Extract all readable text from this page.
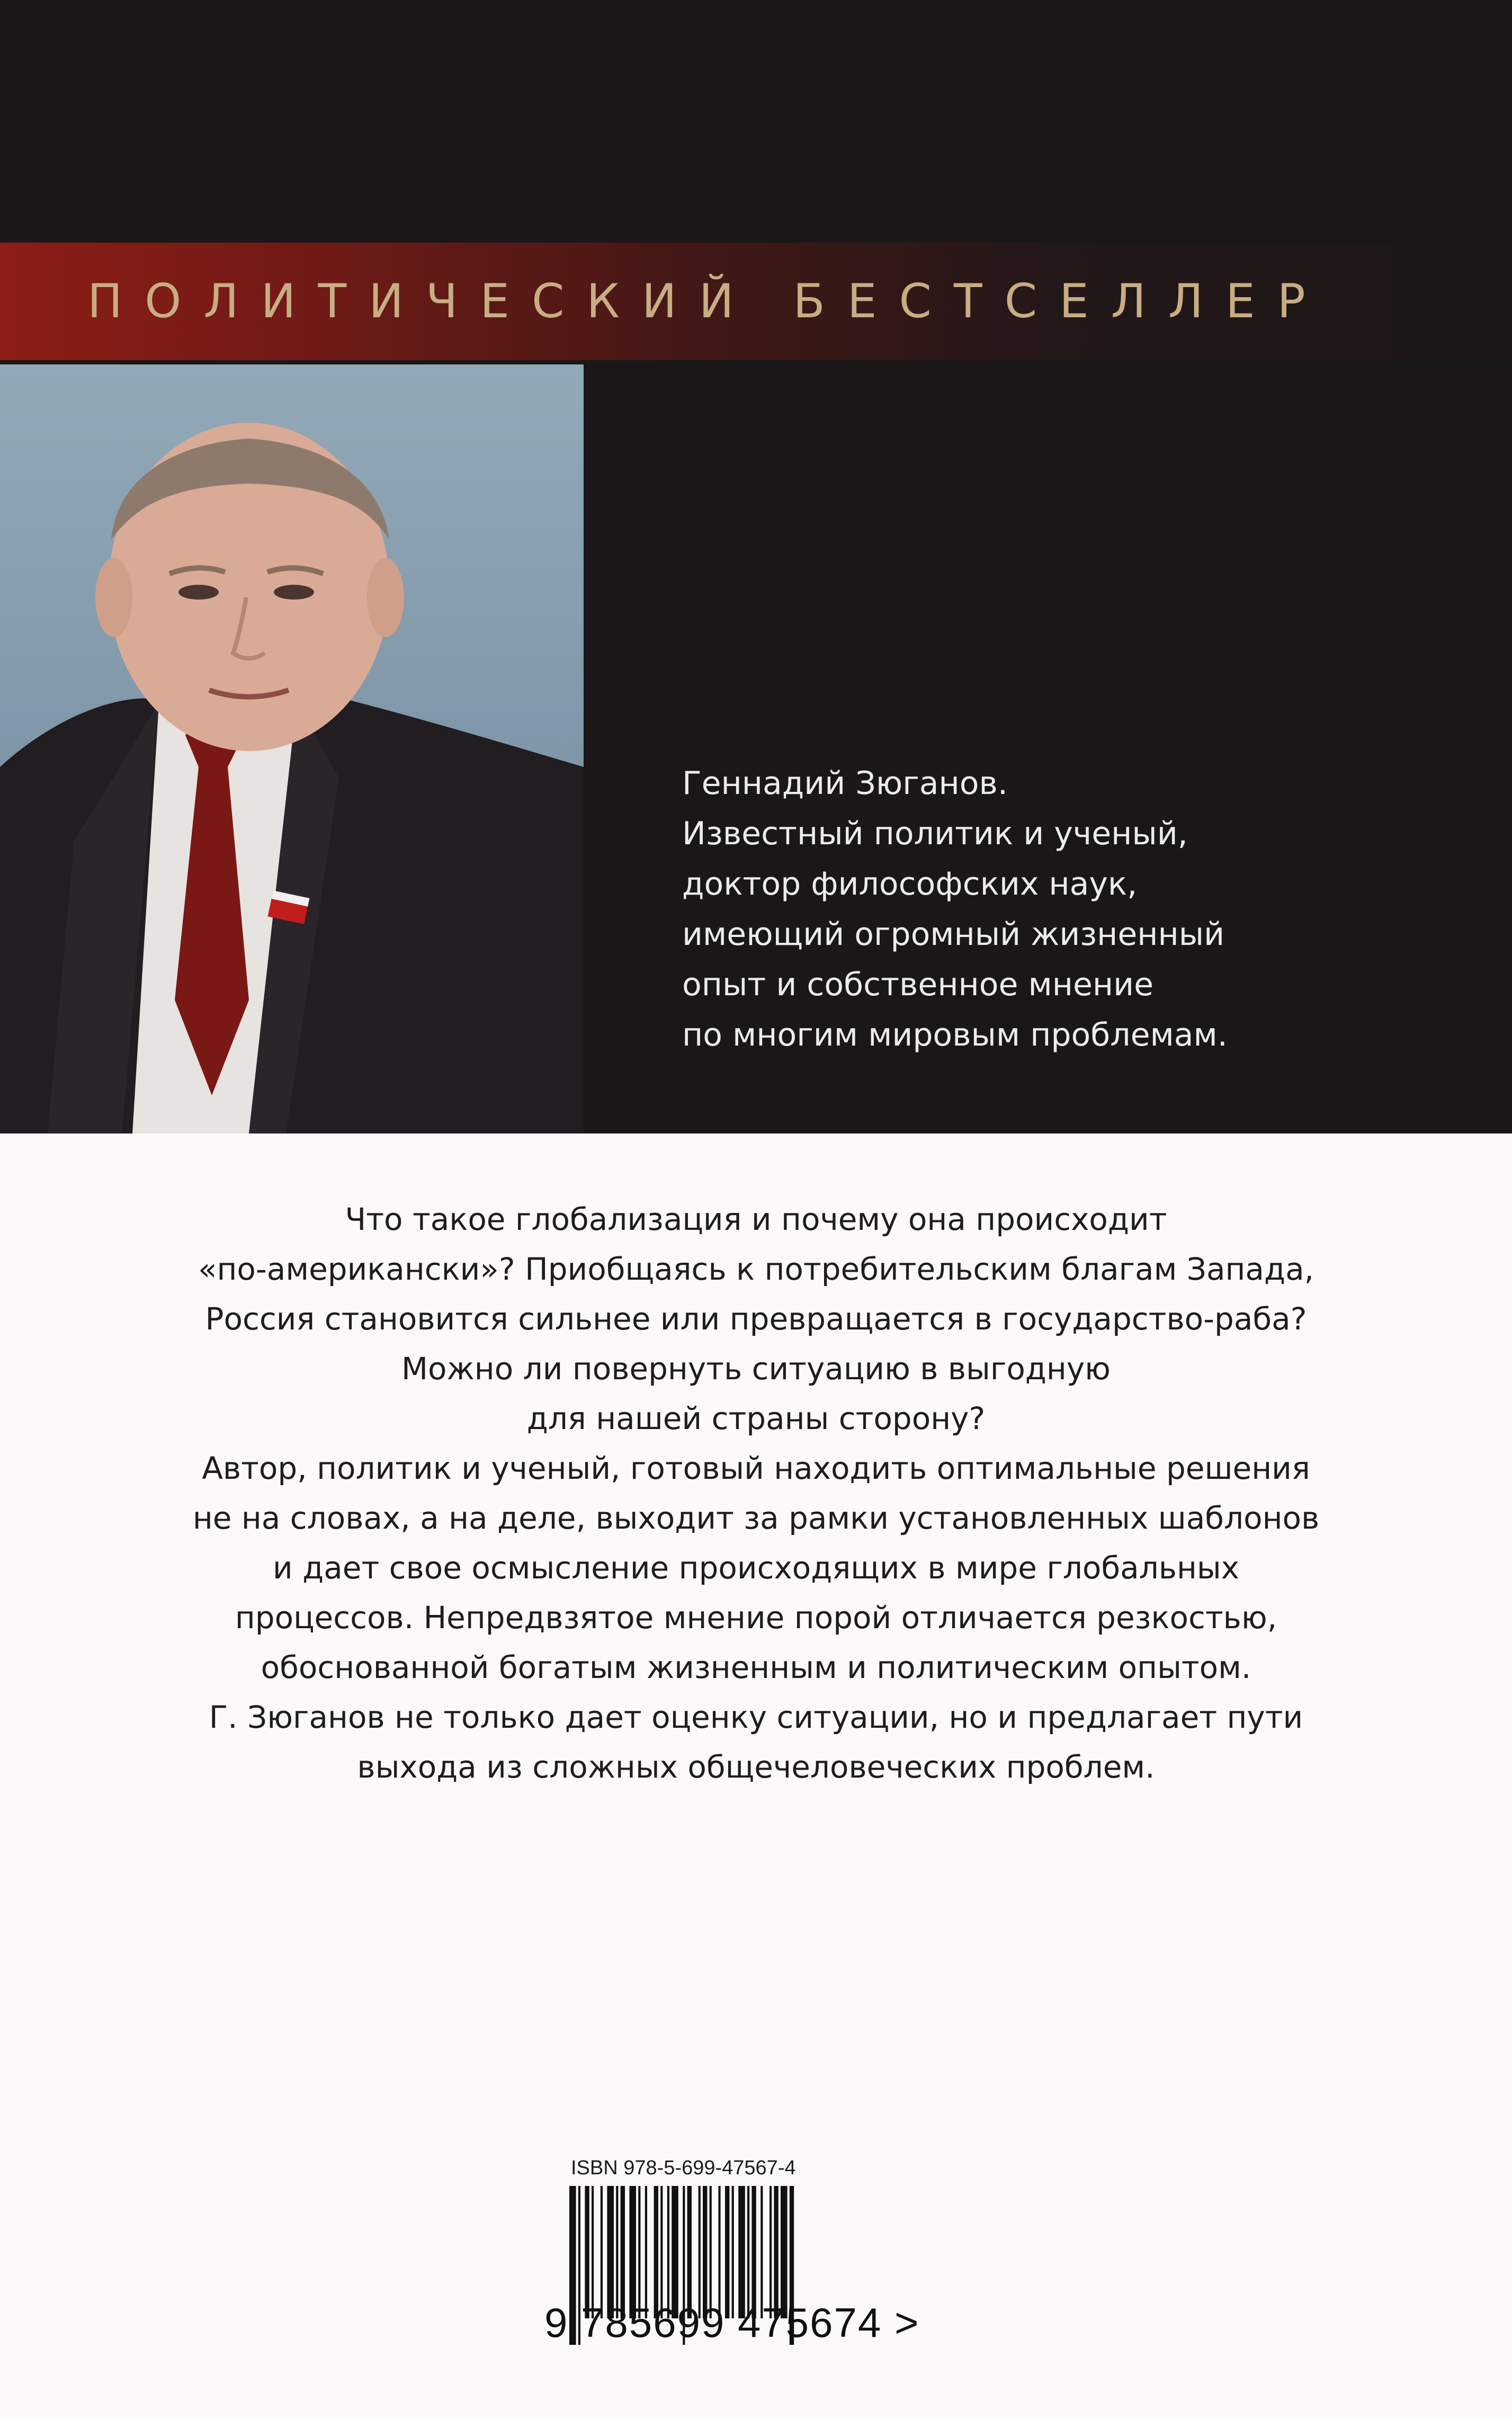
ПОЛИТИЧЕСКИЙ БЕСТСЕЛЛЕР
Геннадий Зюганов.
Известный политик и ученый,
доктор философских наук,
имеющий огромный жизненный
опыт и собственное мнение
по многим мировым проблемам.
Что такое глобализация и почему она происходит
«по-американски»? Приобщаясь к потребительским благам Запада,
Россия становится сильнее или превращается в государство-раба?
Можно ли повернуть ситуацию в выгодную
для нашей страны сторону?
Автор, политик и ученый, готовый находить оптимальные решения
не на словах, а на деле, выходит за рамки установленных шаблонов
и дает свое осмысление происходящих в мире глобальных
процессов. Непредвзятое мнение порой отличается резкостью,
обоснованной богатым жизненным и политическим опытом.
Г. Зюганов не только дает оценку ситуации, но и предлагает пути
выхода из сложных общечеловеческих проблем.
ISBN 978-5-699-47567-4
9 785699 475674 >
